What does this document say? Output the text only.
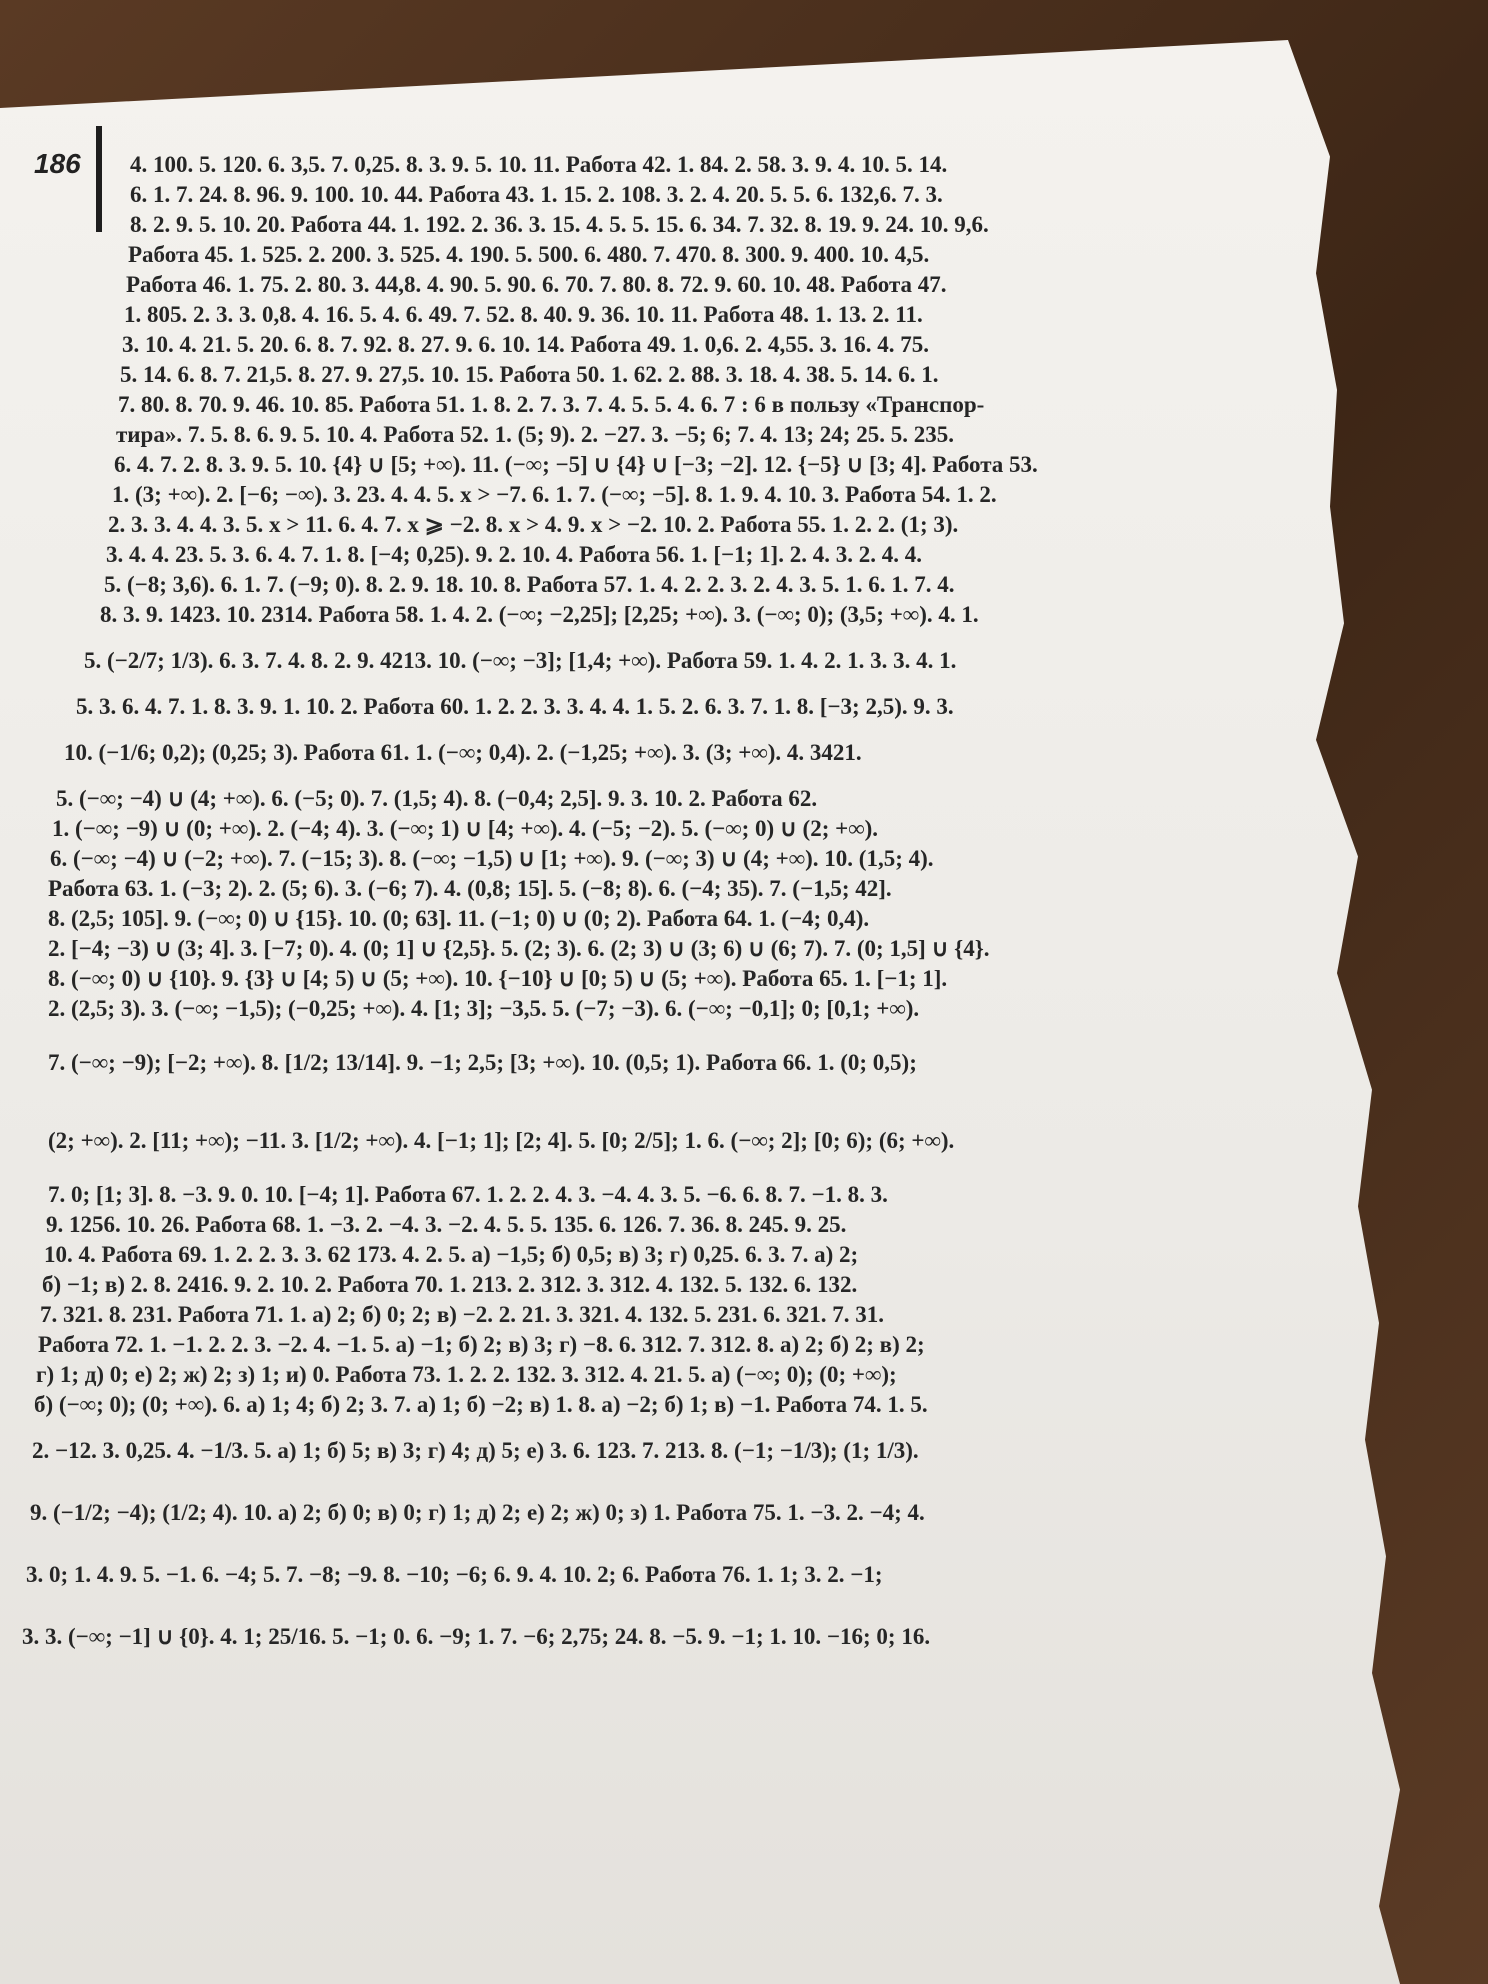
186	4. 100. 5. 120. 6. 3,5. 7. 0,25. 8. 3. 9. 5. 10. 11. Работа 42. 1. 84. 2. 58. 3. 9. 4. 10. 5. 14.
6. 1. 7. 24. 8. 96. 9. 100. 10. 44. Работа 43. 1. 15. 2. 108. 3. 2. 4. 20. 5. 5. 6. 132,6. 7. 3.
8. 2. 9. 5. 10. 20. Работа 44. 1. 192. 2. 36. 3. 15. 4. 5. 5. 15. 6. 34. 7. 32. 8. 19. 9. 24. 10. 9,6.
Работа 45. 1. 525. 2. 200. 3. 525. 4. 190. 5. 500. 6. 480. 7. 470. 8. 300. 9. 400. 10. 4,5.
Работа 46. 1. 75. 2. 80. 3. 44,8. 4. 90. 5. 90. 6. 70. 7. 80. 8. 72. 9. 60. 10. 48. Работа 47.
1. 805. 2. 3. 3. 0,8. 4. 16. 5. 4. 6. 49. 7. 52. 8. 40. 9. 36. 10. 11. Работа 48. 1. 13. 2. 11.
3. 10. 4. 21. 5. 20. 6. 8. 7. 92. 8. 27. 9. 6. 10. 14. Работа 49. 1. 0,6. 2. 4,55. 3. 16. 4. 75.
5. 14. 6. 8. 7. 21,5. 8. 27. 9. 27,5. 10. 15. Работа 50. 1. 62. 2. 88. 3. 18. 4. 38. 5. 14. 6. 1.
7. 80. 8. 70. 9. 46. 10. 85. Работа 51. 1. 8. 2. 7. 3. 7. 4. 5. 5. 4. 6. 7 : 6 в пользу «Транспор-
тира». 7. 5. 8. 6. 9. 5. 10. 4. Работа 52. 1. (5; 9). 2. −27. 3. −5; 6; 7. 4. 13; 24; 25. 5. 235.
6. 4. 7. 2. 8. 3. 9. 5. 10. {4} ∪ [5; +∞). 11. (−∞; −5] ∪ {4} ∪ [−3; −2]. 12. {−5} ∪ [3; 4]. Работа 53.
1. (3; +∞). 2. [−6; −∞). 3. 23. 4. 4. 5. x > −7. 6. 1. 7. (−∞; −5]. 8. 1. 9. 4. 10. 3. Работа 54. 1. 2.
2. 3. 3. 4. 4. 3. 5. x > 11. 6. 4. 7. x ⩾ −2. 8. x > 4. 9. x > −2. 10. 2. Работа 55. 1. 2. 2. (1; 3).
3. 4. 4. 23. 5. 3. 6. 4. 7. 1. 8. [−4; 0,25). 9. 2. 10. 4. Работа 56. 1. [−1; 1]. 2. 4. 3. 2. 4. 4.
5. (−8; 3,6). 6. 1. 7. (−9; 0). 8. 2. 9. 18. 10. 8. Работа 57. 1. 4. 2. 2. 3. 2. 4. 3. 5. 1. 6. 1. 7. 4.
8. 3. 9. 1423. 10. 2314. Работа 58. 1. 4. 2. (−∞; −2,25]; [2,25; +∞). 3. (−∞; 0); (3,5; +∞). 4. 1.
5. (−2/7; 1/3). 6. 3. 7. 4. 8. 2. 9. 4213. 10. (−∞; −3]; [1,4; +∞). Работа 59. 1. 4. 2. 1. 3. 3. 4. 1.
5. 3. 6. 4. 7. 1. 8. 3. 9. 1. 10. 2. Работа 60. 1. 2. 2. 3. 3. 4. 4. 1. 5. 2. 6. 3. 7. 1. 8. [−3; 2,5). 9. 3.
10. (−1/6; 0,2); (0,25; 3). Работа 61. 1. (−∞; 0,4). 2. (−1,25; +∞). 3. (3; +∞). 4. 3421.
5. (−∞; −4) ∪ (4; +∞). 6. (−5; 0). 7. (1,5; 4). 8. (−0,4; 2,5]. 9. 3. 10. 2. Работа 62.
1. (−∞; −9) ∪ (0; +∞). 2. (−4; 4). 3. (−∞; 1) ∪ [4; +∞). 4. (−5; −2). 5. (−∞; 0) ∪ (2; +∞).
6. (−∞; −4) ∪ (−2; +∞). 7. (−15; 3). 8. (−∞; −1,5) ∪ [1; +∞). 9. (−∞; 3) ∪ (4; +∞). 10. (1,5; 4).
Работа 63. 1. (−3; 2). 2. (5; 6). 3. (−6; 7). 4. (0,8; 15]. 5. (−8; 8). 6. (−4; 35). 7. (−1,5; 42].
8. (2,5; 105]. 9. (−∞; 0) ∪ {15}. 10. (0; 63]. 11. (−1; 0) ∪ (0; 2). Работа 64. 1. (−4; 0,4).
2. [−4; −3) ∪ (3; 4]. 3. [−7; 0). 4. (0; 1] ∪ {2,5}. 5. (2; 3). 6. (2; 3) ∪ (3; 6) ∪ (6; 7). 7. (0; 1,5] ∪ {4}.
8. (−∞; 0) ∪ {10}. 9. {3} ∪ [4; 5) ∪ (5; +∞). 10. {−10} ∪ [0; 5) ∪ (5; +∞). Работа 65. 1. [−1; 1].
2. (2,5; 3). 3. (−∞; −1,5); (−0,25; +∞). 4. [1; 3]; −3,5. 5. (−7; −3). 6. (−∞; −0,1]; 0; [0,1; +∞).
7. (−∞; −9); [−2; +∞). 8. [1/2; 13/14]. 9. −1; 2,5; [3; +∞). 10. (0,5; 1). Работа 66. 1. (0; 0,5);
(2; +∞). 2. [11; +∞); −11. 3. [1/2; +∞). 4. [−1; 1]; [2; 4]. 5. [0; 2/5]; 1. 6. (−∞; 2]; [0; 6); (6; +∞).
7. 0; [1; 3]. 8. −3. 9. 0. 10. [−4; 1]. Работа 67. 1. 2. 2. 4. 3. −4. 4. 3. 5. −6. 6. 8. 7. −1. 8. 3.
9. 1256. 10. 26. Работа 68. 1. −3. 2. −4. 3. −2. 4. 5. 5. 135. 6. 126. 7. 36. 8. 245. 9. 25.
10. 4. Работа 69. 1. 2. 2. 3. 3. 62 173. 4. 2. 5. а) −1,5; б) 0,5; в) 3; г) 0,25. 6. 3. 7. а) 2;
б) −1; в) 2. 8. 2416. 9. 2. 10. 2. Работа 70. 1. 213. 2. 312. 3. 312. 4. 132. 5. 132. 6. 132.
7. 321. 8. 231. Работа 71. 1. а) 2; б) 0; 2; в) −2. 2. 21. 3. 321. 4. 132. 5. 231. 6. 321. 7. 31.
Работа 72. 1. −1. 2. 2. 3. −2. 4. −1. 5. а) −1; б) 2; в) 3; г) −8. 6. 312. 7. 312. 8. а) 2; б) 2; в) 2;
г) 1; д) 0; е) 2; ж) 2; з) 1; и) 0. Работа 73. 1. 2. 2. 132. 3. 312. 4. 21. 5. а) (−∞; 0); (0; +∞);
б) (−∞; 0); (0; +∞). 6. а) 1; 4; б) 2; 3. 7. а) 1; б) −2; в) 1. 8. а) −2; б) 1; в) −1. Работа 74. 1. 5.
2. −12. 3. 0,25. 4. −1/3. 5. а) 1; б) 5; в) 3; г) 4; д) 5; е) 3. 6. 123. 7. 213. 8. (−1; −1/3); (1; 1/3).
9. (−1/2; −4); (1/2; 4). 10. а) 2; б) 0; в) 0; г) 1; д) 2; е) 2; ж) 0; з) 1. Работа 75. 1. −3. 2. −4; 4.
3. 0; 1. 4. 9. 5. −1. 6. −4; 5. 7. −8; −9. 8. −10; −6; 6. 9. 4. 10. 2; 6. Работа 76. 1. 1; 3. 2. −1;
3. 3. (−∞; −1] ∪ {0}. 4. 1; 25/16. 5. −1; 0. 6. −9; 1. 7. −6; 2,75; 24. 8. −5. 9. −1; 1. 10. −16; 0; 16.
